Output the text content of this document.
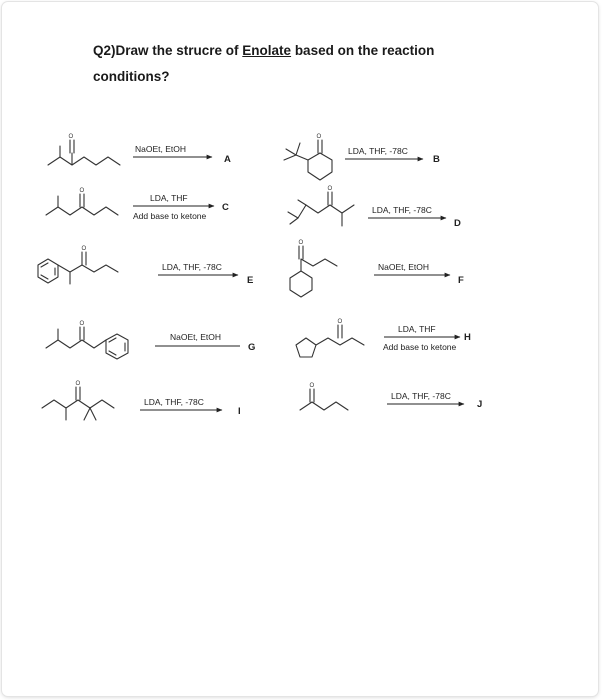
Q2)Draw the strucre of Enolate based on the reaction conditions?

O	O
O	O
O
O
O	O
O	O
NaOEt, EtOH
A
LDA, THF, -78C
B
LDA, THF
Add base to ketone
C	LDA, THF, -78C
D
LDA, THF, -78C
E
NaOEt, EtOH
F
NaOEt, EtOH
G
LDA, THF
Add base to ketone
H
LDA, THF, -78C
I
LDA, THF, -78C
J
